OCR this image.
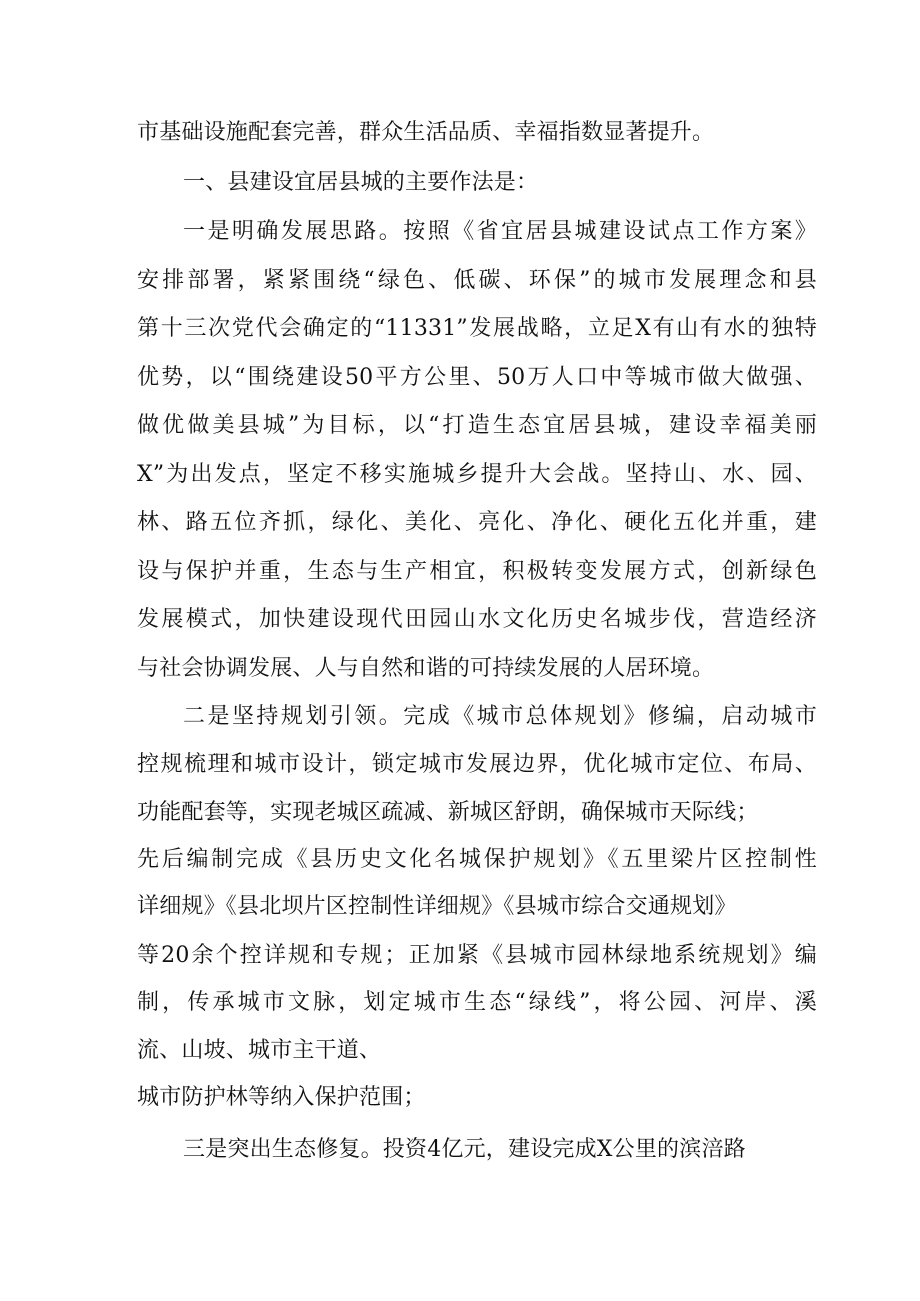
市基础设施配套完善，群众生活品质、幸福指数显著提升。
一、县建设宜居县城的主要作法是：
一是明确发展思路。按照《省宜居县城建设试点工作方案》
安排部署，紧紧围绕“绿色、低碳、环保”的城市发展理念和县
第十三次党代会确定的“11331”发展战略，立足X有山有水的独特
优势，以“围绕建设50平方公里、50万人口中等城市做大做强、
做优做美县城”为目标，以“打造生态宜居县城，建设幸福美丽
X”为出发点，坚定不移实施城乡提升大会战。坚持山、水、园、
林、路五位齐抓，绿化、美化、亮化、净化、硬化五化并重，建
设与保护并重，生态与生产相宜，积极转变发展方式，创新绿色
发展模式，加快建设现代田园山水文化历史名城步伐，营造经济
与社会协调发展、人与自然和谐的可持续发展的人居环境。
二是坚持规划引领。完成《城市总体规划》修编，启动城市
控规梳理和城市设计，锁定城市发展边界，优化城市定位、布局、
功能配套等，实现老城区疏减、新城区舒朗，确保城市天际线；
先后编制完成《县历史文化名城保护规划》《五里梁片区控制性
详细规》《县北坝片区控制性详细规》《县城市综合交通规划》
等20余个控详规和专规；正加紧《县城市园林绿地系统规划》编
制，传承城市文脉，划定城市生态“绿线”，将公园、河岸、溪
流、山坡、城市主干道、
城市防护林等纳入保护范围；
三是突出生态修复。投资4亿元，建设完成X公里的滨涪路
